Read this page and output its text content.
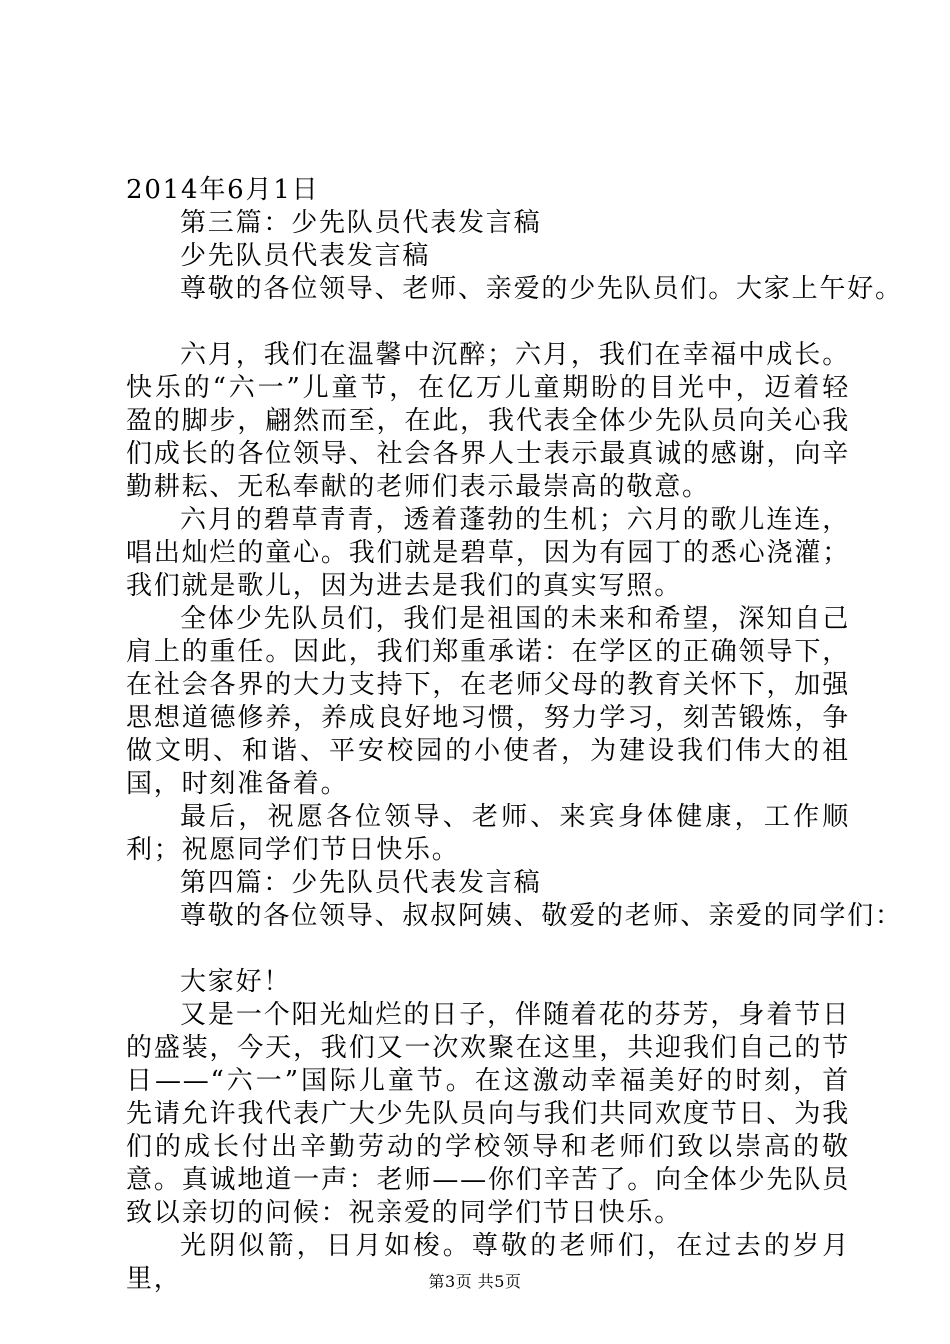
2014年6月1日
第三篇：少先队员代表发言稿
少先队员代表发言稿
尊敬的各位领导、老师、亲爱的少先队员们。大家上午好。

六月，我们在温馨中沉醉；六月，我们在幸福中成长。快乐的“六一”儿童节，在亿万儿童期盼的目光中，迈着轻盈的脚步，翩然而至，在此，我代表全体少先队员向关心我们成长的各位领导、社会各界人士表示最真诚的感谢，向辛勤耕耘、无私奉献的老师们表示最崇高的敬意。

六月的碧草青青，透着蓬勃的生机；六月的歌儿连连，唱出灿烂的童心。我们就是碧草，因为有园丁的悉心浇灌；我们就是歌儿，因为进去是我们的真实写照。

全体少先队员们，我们是祖国的未来和希望，深知自己肩上的重任。因此，我们郑重承诺：在学区的正确领导下，在社会各界的大力支持下，在老师父母的教育关怀下，加强思想道德修养，养成良好地习惯，努力学习，刻苦锻炼，争做文明、和谐、平安校园的小使者，为建设我们伟大的祖国，时刻准备着。

最后，祝愿各位领导、老师、来宾身体健康，工作顺利；祝愿同学们节日快乐。

第四篇：少先队员代表发言稿
尊敬的各位领导、叔叔阿姨、敬爱的老师、亲爱的同学们：
大家好！

又是一个阳光灿烂的日子，伴随着花的芬芳，身着节日的盛装，今天，我们又一次欢聚在这里，共迎我们自己的节日——“六一”国际儿童节。在这激动幸福美好的时刻，首先请允许我代表广大少先队员向与我们共同欢度节日、为我们的成长付出辛勤劳动的学校领导和老师们致以崇高的敬意。真诚地道一声：老师——你们辛苦了。向全体少先队员致以亲切的问候：祝亲爱的同学们节日快乐。

光阴似箭，日月如梭。尊敬的老师们，在过去的岁月里，	第3页 共5页
